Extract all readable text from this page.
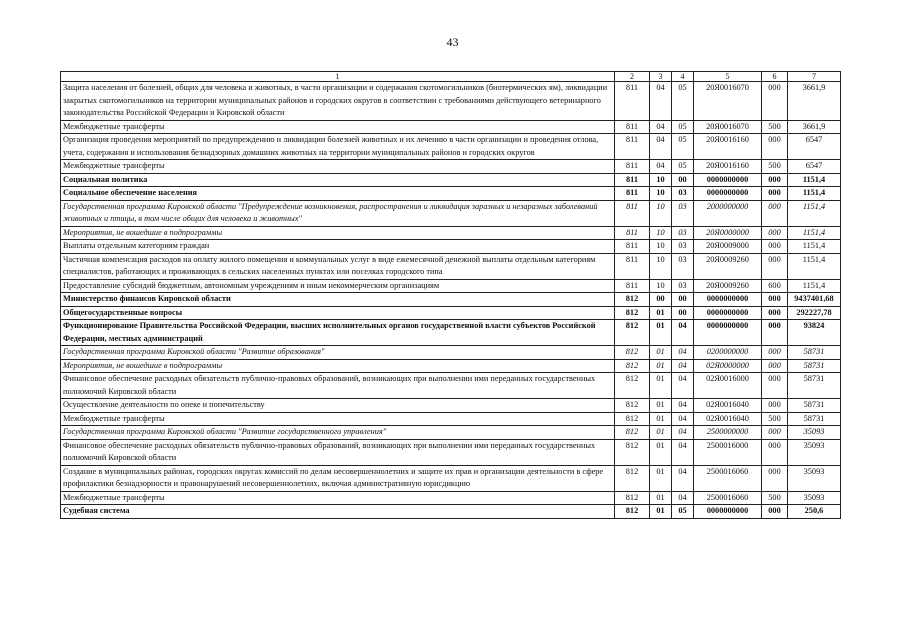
43
1	2	3	4	5	6	7
Защита населения от болезней, общих для человека и животных, в части организации и содержания скотомогильников (биотермических ям), ликвидации закрытых скотомогильников на территории муниципальных районов и городских округов в соответствии с требованиями действующего ветеринарного законодательства Российской Федерации и Кировской области	811	04	05	20Я0016070	000	3661,9
Межбюджетные трансферты	811	04	05	20Я0016070	500	3661,9
Организация проведения мероприятий по предупреждению и ликвидации болезней животных и их лечению в части организации и проведения отлова, учета, содержания и использования безнадзорных домашних животных на территории муниципальных районов и городских округов	811	04	05	20Я0016160	000	6547
Межбюджетные трансферты	811	04	05	20Я0016160	500	6547
Социальная политика	811	10	00	0000000000	000	1151,4
Социальное обеспечение населения	811	10	03	0000000000	000	1151,4
Государственная программа Кировской области "Предупреждение возникновения, распространения и ликвидация заразных и незаразных заболеваний животных и птицы, в том числе общих для человека и животных"	811	10	03	2000000000	000	1151,4
Мероприятия, не вошедшие в подпрограммы	811	10	03	20Я0000000	000	1151,4
Выплаты отдельным категориям граждан	811	10	03	20Я0009000	000	1151,4
Частичная компенсация расходов на оплату жилого помещения и коммунальных услуг в виде ежемесячной денежной выплаты отдельным категориям специалистов, работающих и проживающих в сельских населенных пунктах или поселках городского типа	811	10	03	20Я0009260	000	1151,4
Предоставление субсидий бюджетным, автономным учреждениям и иным некоммерческим организациям	811	10	03	20Я0009260	600	1151,4
Министерство финансов Кировской области	812	00	00	0000000000	000	9437401,68
Общегосударственные вопросы	812	01	00	0000000000	000	292227,78
Функционирование Правительства Российской Федерации, высших исполнительных органов государственной власти субъектов Российской Федерации, местных администраций	812	01	04	0000000000	000	93824
Государственная программа Кировской области "Развитие образования"	812	01	04	0200000000	000	58731
Мероприятия, не вошедшие в подпрограммы	812	01	04	02Я0000000	000	58731
Финансовое обеспечение расходных обязательств публично-правовых образований, возникающих при выполнении ими переданных государственных полномочий Кировской области	812	01	04	02Я0016000	000	58731
Осуществление деятельности по опеке и попечительству	812	01	04	02Я0016040	000	58731
Межбюджетные трансферты	812	01	04	02Я0016040	500	58731
Государственная программа Кировской области "Развитие государственного управления"	812	01	04	2500000000	000	35093
Финансовое обеспечение расходных обязательств публично-правовых образований, возникающих при выполнении ими переданных государственных полномочий Кировской области	812	01	04	2500016000	000	35093
Создание в муниципальных районах, городских округах комиссий по делам несовершеннолетних и защите их прав и организации деятельности в сфере профилактики безнадзорности и правонарушений несовершеннолетних, включая административную юрисдикцию	812	01	04	2500016060	000	35093
Межбюджетные трансферты	812	01	04	2500016060	500	35093
Судебная система	812	01	05	0000000000	000	250,6
